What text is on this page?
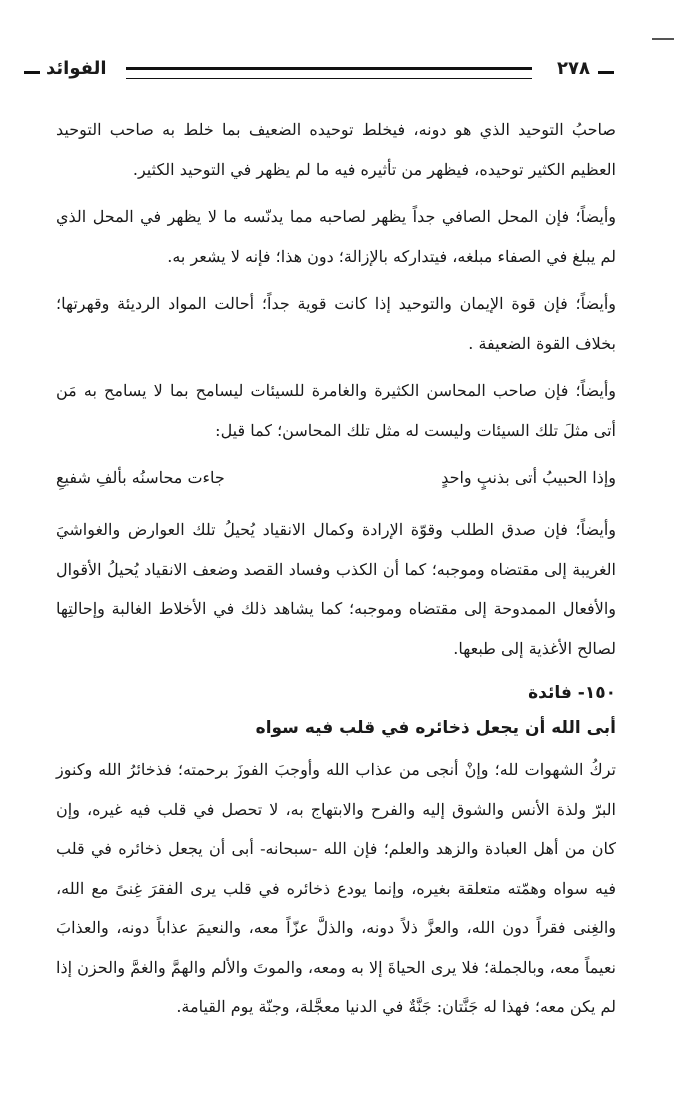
الفوائد	٢٧٨

صاحبُ التوحيد الذي هو دونه، فيخلط توحيده الضعيف بما خلط به صاحب التوحيد العظيم الكثير توحيده، فيظهر من تأثيره فيه ما لم يظهر في التوحيد الكثير.

وأيضاً؛ فإن المحل الصافي جداً يظهر لصاحبه مما يدنّسه ما لا يظهر في المحل الذي لم يبلغ في الصفاء مبلغه، فيتداركه بالإزالة؛ دون هذا؛ فإنه لا يشعر به.

وأيضاً؛ فإن قوة الإيمان والتوحيد إذا كانت قوية جداً؛ أحالت المواد الرديئة وقهرتها؛ بخلاف القوة الضعيفة .

وأيضاً؛ فإن صاحب المحاسن الكثيرة والغامرة للسيئات ليسامح بما لا يسامح به مَن أتى مثلَ تلك السيئات وليست له مثل تلك المحاسن؛ كما قيل:

وإذا الحبيبُ أتى بذنبٍ واحدٍ
جاءت محاسنُه بألفِ شفيعِ

وأيضاً؛ فإن صدق الطلب وقوّة الإرادة وكمال الانقياد يُحيلُ تلك العوارض والغواشيَ الغريبة إلى مقتضاه وموجبه؛ كما أن الكذب وفساد القصد وضعف الانقياد يُحيلُ الأقوال والأفعال الممدوحة إلى مقتضاه وموجبه؛ كما يشاهد ذلك في الأخلاط الغالبة وإحالتِها لصالح الأغذية إلى طبعها.

١٥٠- فائدة
أبى الله أن يجعل ذخائره في قلب فيه سواه

تركُ الشهوات لله؛ وإنْ أنجى من عذاب الله وأوجبَ الفوزَ برحمته؛ فذخائرُ الله وكنوز البرّ ولذة الأنس والشوق إليه والفرح والابتهاج به، لا تحصل في قلب فيه غيره، وإن كان من أهل العبادة والزهد والعلم؛ فإن الله -سبحانه- أبى أن يجعل ذخائره في قلب فيه سواه وهمّته متعلقة بغيره، وإنما يودع ذخائره في قلب يرى الفقرَ غِنىً مع الله، والغِنى فقراً دون الله، والعزَّ ذلاً دونه، والذلَّ عزّاً معه، والنعيمَ عذاباً دونه، والعذابَ نعيماً معه، وبالجملة؛ فلا يرى الحياةَ إلا به ومعه، والموتَ والألم والهمَّ والغمَّ والحزن إذا لم يكن معه؛ فهذا له جَنَّتان: جَنَّةٌ في الدنيا معجَّلة، وجنّة يوم القيامة.
